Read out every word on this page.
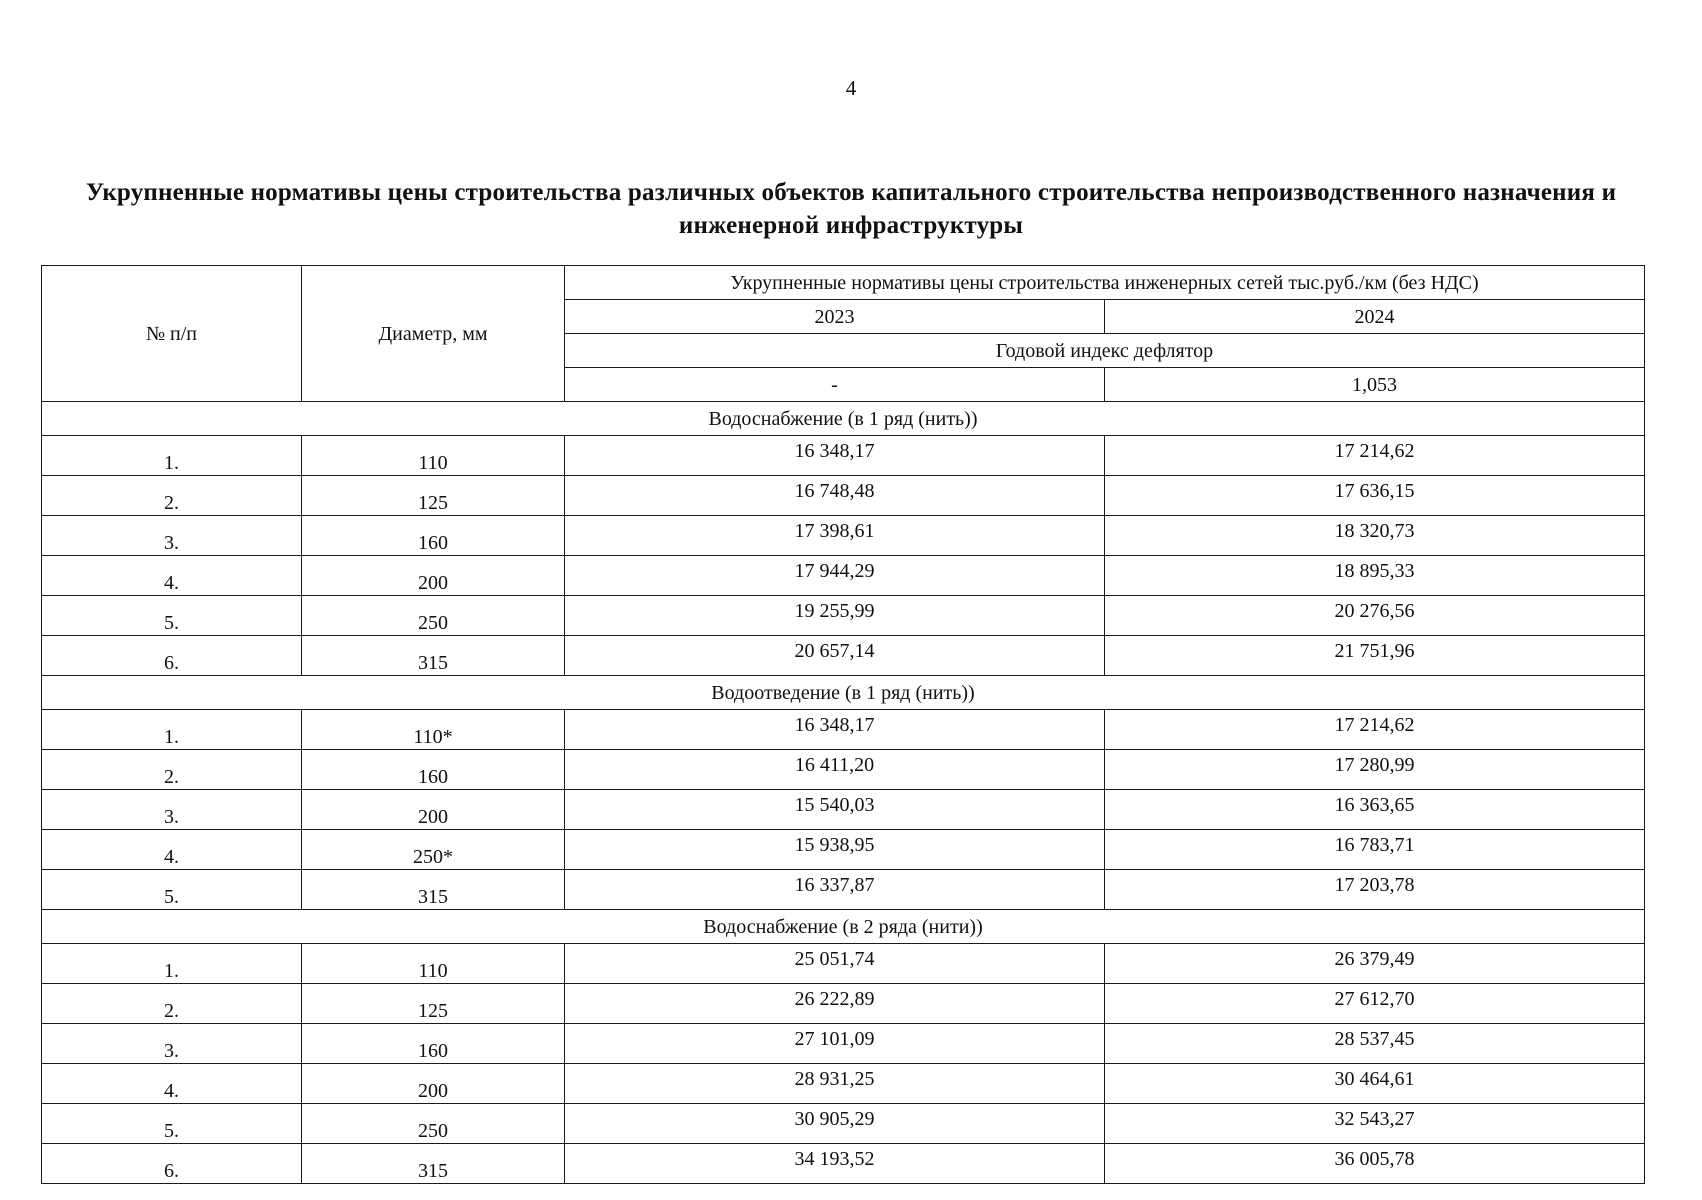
4
Укрупненные нормативы цены строительства различных объектов капитального строительства непроизводственного назначения и инженерной инфраструктуры
№ п/п	Диаметр, мм	Укрупненные нормативы цены строительства инженерных сетей тыс.руб./км (без НДС)	
		2023	2024
		Годовой индекс дефлятор	
		-	1,053
Водоснабжение (в 1 ряд (нить))			
1.	110	16 348,17	17 214,62
2.	125	16 748,48	17 636,15
3.	160	17 398,61	18 320,73
4.	200	17 944,29	18 895,33
5.	250	19 255,99	20 276,56
6.	315	20 657,14	21 751,96
Водоотведение (в 1 ряд (нить))			
1.	110*	16 348,17	17 214,62
2.	160	16 411,20	17 280,99
3.	200	15 540,03	16 363,65
4.	250*	15 938,95	16 783,71
5.	315	16 337,87	17 203,78
Водоснабжение (в 2 ряда (нити))			
1.	110	25 051,74	26 379,49
2.	125	26 222,89	27 612,70
3.	160	27 101,09	28 537,45
4.	200	28 931,25	30 464,61
5.	250	30 905,29	32 543,27
6.	315	34 193,52	36 005,78
